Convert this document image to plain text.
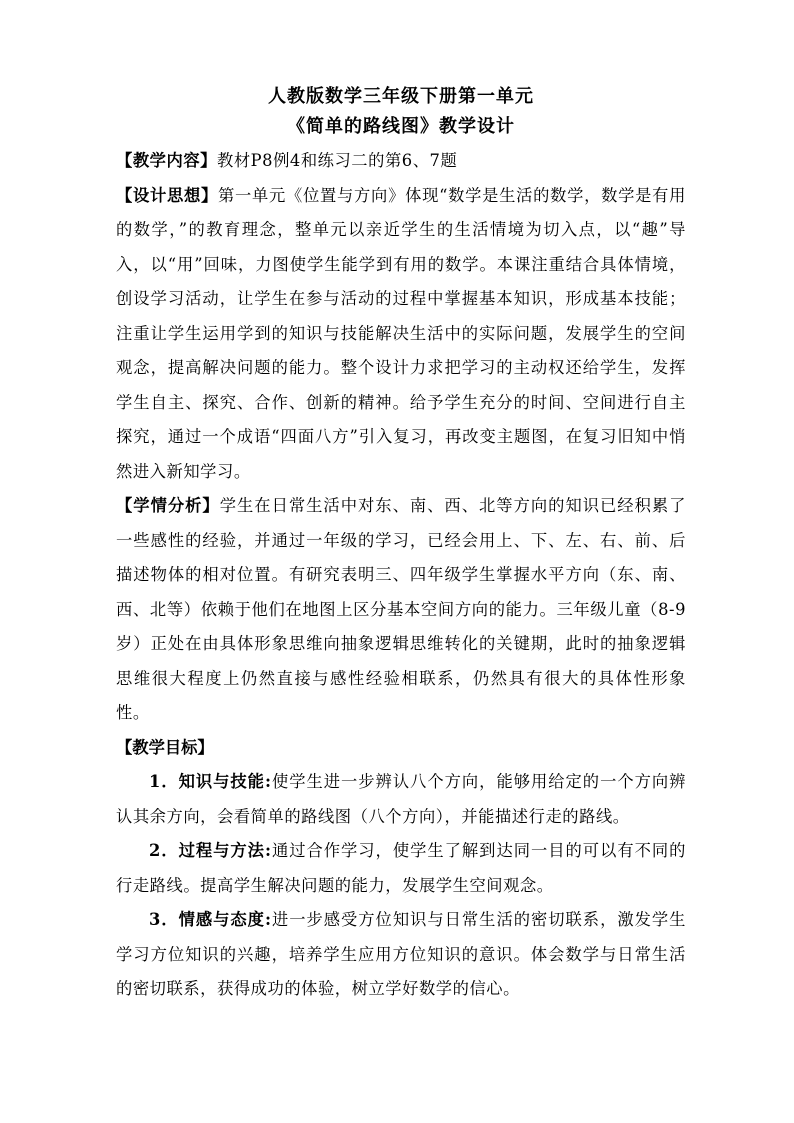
人教版数学三年级下册第一单元

《简单的路线图》教学设计

【教学内容】教材P8例4和练习二的第6、7题

【设计思想】第一单元《位置与方向》体现“数学是生活的数学，数学是有用的数学，”的教育理念，整单元以亲近学生的生活情境为切入点，以“趣”导入，以“用”回味，力图使学生能学到有用的数学。本课注重结合具体情境，创设学习活动，让学生在参与活动的过程中掌握基本知识，形成基本技能；注重让学生运用学到的知识与技能解决生活中的实际问题，发展学生的空间观念，提高解决问题的能力。整个设计力求把学习的主动权还给学生，发挥学生自主、探究、合作、创新的精神。给予学生充分的时间、空间进行自主探究，通过一个成语“四面八方”引入复习，再改变主题图，在复习旧知中悄然进入新知学习。

【学情分析】学生在日常生活中对东、南、西、北等方向的知识已经积累了一些感性的经验，并通过一年级的学习，已经会用上、下、左、右、前、后描述物体的相对位置。有研究表明三、四年级学生掌握水平方向（东、南、西、北等）依赖于他们在地图上区分基本空间方向的能力。三年级儿童（8-9岁）正处在由具体形象思维向抽象逻辑思维转化的关键期，此时的抽象逻辑思维很大程度上仍然直接与感性经验相联系，仍然具有很大的具体性形象性。

【教学目标】

1．知识与技能:使学生进一步辨认八个方向，能够用给定的一个方向辨认其余方向，会看简单的路线图（八个方向），并能描述行走的路线。

2．过程与方法:通过合作学习，使学生了解到达同一目的可以有不同的行走路线。提高学生解决问题的能力，发展学生空间观念。

3．情感与态度:进一步感受方位知识与日常生活的密切联系，激发学生学习方位知识的兴趣，培养学生应用方位知识的意识。体会数学与日常生活的密切联系，获得成功的体验，树立学好数学的信心。
